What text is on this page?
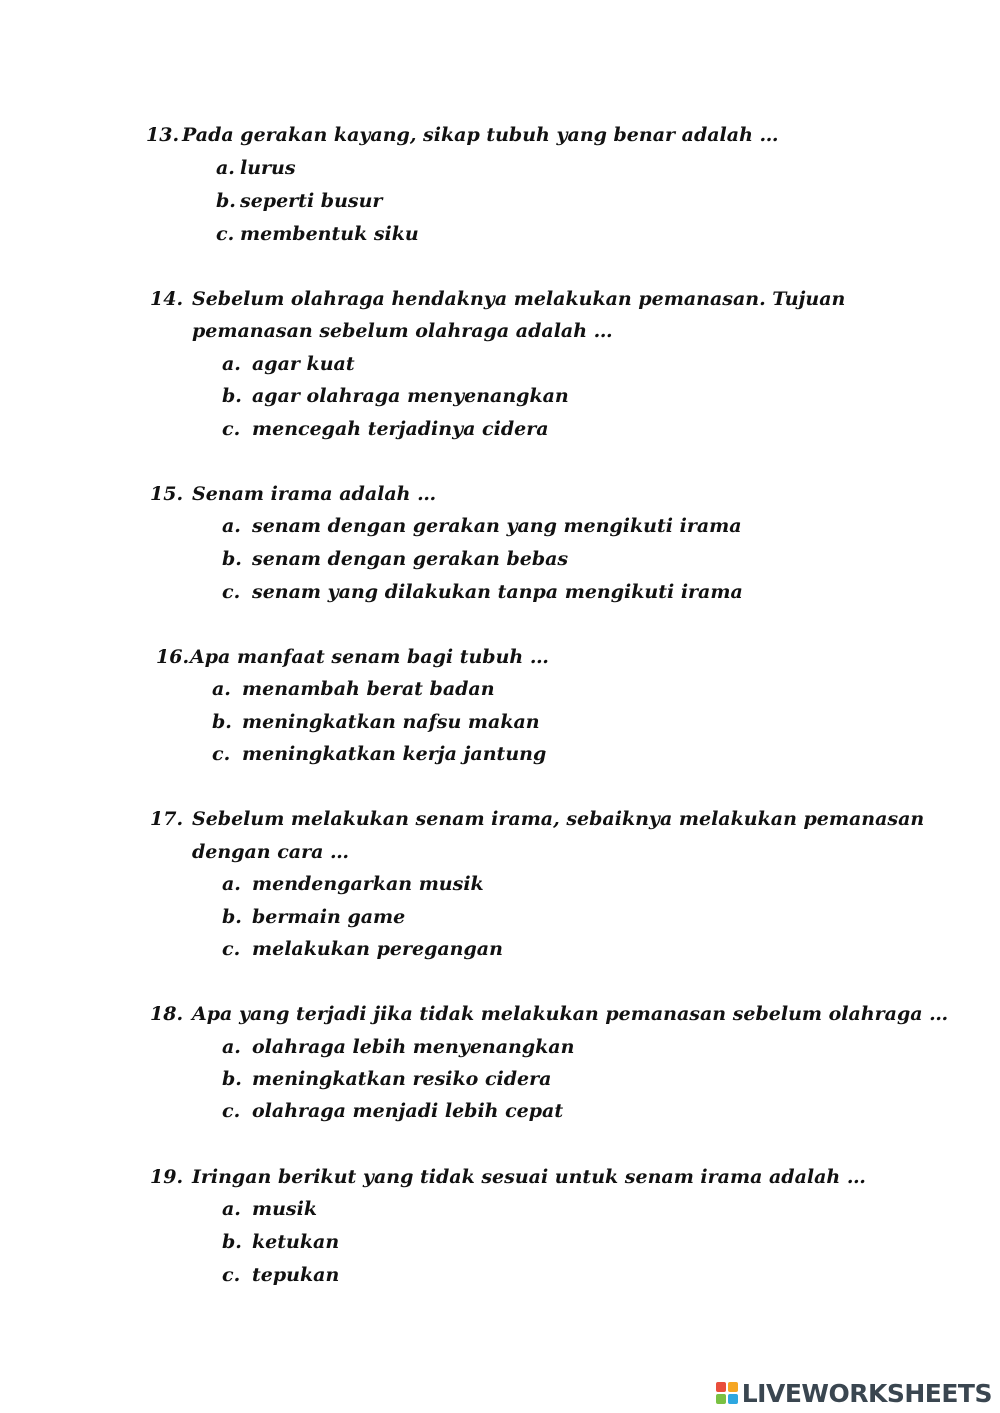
13. Pada gerakan kayang, sikap tubuh yang benar adalah …
a. lurus
b. seperti busur
c. membentuk siku
14. Sebelum olahraga hendaknya melakukan pemanasan. Tujuan
pemanasan sebelum olahraga adalah …
a. agar kuat
b. agar olahraga menyenangkan
c. mencegah terjadinya cidera
15. Senam irama adalah …
a. senam dengan gerakan yang mengikuti irama
b. senam dengan gerakan bebas
c. senam yang dilakukan tanpa mengikuti irama
16.Apa manfaat senam bagi tubuh …
a. menambah berat badan
b. meningkatkan nafsu makan
c. meningkatkan kerja jantung
17. Sebelum melakukan senam irama, sebaiknya melakukan pemanasan
dengan cara …
a. mendengarkan musik
b. bermain game
c. melakukan peregangan
18. Apa yang terjadi jika tidak melakukan pemanasan sebelum olahraga …
a. olahraga lebih menyenangkan
b. meningkatkan resiko cidera
c. olahraga menjadi lebih cepat
19. Iringan berikut yang tidak sesuai untuk senam irama adalah …
a. musik
b. ketukan
c. tepukan
LIVEWORKSHEETS
